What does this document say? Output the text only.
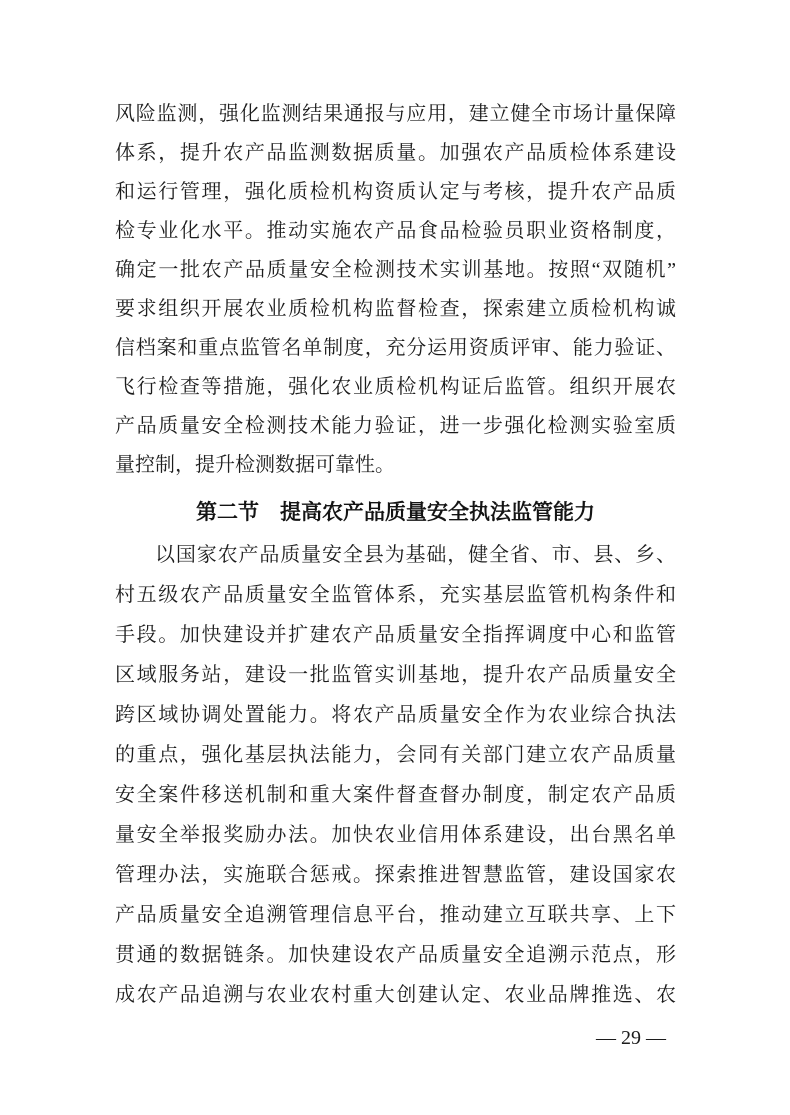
风险监测，强化监测结果通报与应用，建立健全市场计量保障
体系，提升农产品监测数据质量。加强农产品质检体系建设
和运行管理，强化质检机构资质认定与考核，提升农产品质
检专业化水平。推动实施农产品食品检验员职业资格制度，
确定一批农产品质量安全检测技术实训基地。按照“双随机”
要求组织开展农业质检机构监督检查，探索建立质检机构诚
信档案和重点监管名单制度，充分运用资质评审、能力验证、
飞行检查等措施，强化农业质检机构证后监管。组织开展农
产品质量安全检测技术能力验证，进一步强化检测实验室质
量控制，提升检测数据可靠性。
第二节　提高农产品质量安全执法监管能力
以国家农产品质量安全县为基础，健全省、市、县、乡、
村五级农产品质量安全监管体系，充实基层监管机构条件和
手段。加快建设并扩建农产品质量安全指挥调度中心和监管
区域服务站，建设一批监管实训基地，提升农产品质量安全
跨区域协调处置能力。将农产品质量安全作为农业综合执法
的重点，强化基层执法能力，会同有关部门建立农产品质量
安全案件移送机制和重大案件督查督办制度，制定农产品质
量安全举报奖励办法。加快农业信用体系建设，出台黑名单
管理办法，实施联合惩戒。探索推进智慧监管，建设国家农
产品质量安全追溯管理信息平台，推动建立互联共享、上下
贯通的数据链条。加快建设农产品质量安全追溯示范点，形
成农产品追溯与农业农村重大创建认定、农业品牌推选、农
— 29 —
